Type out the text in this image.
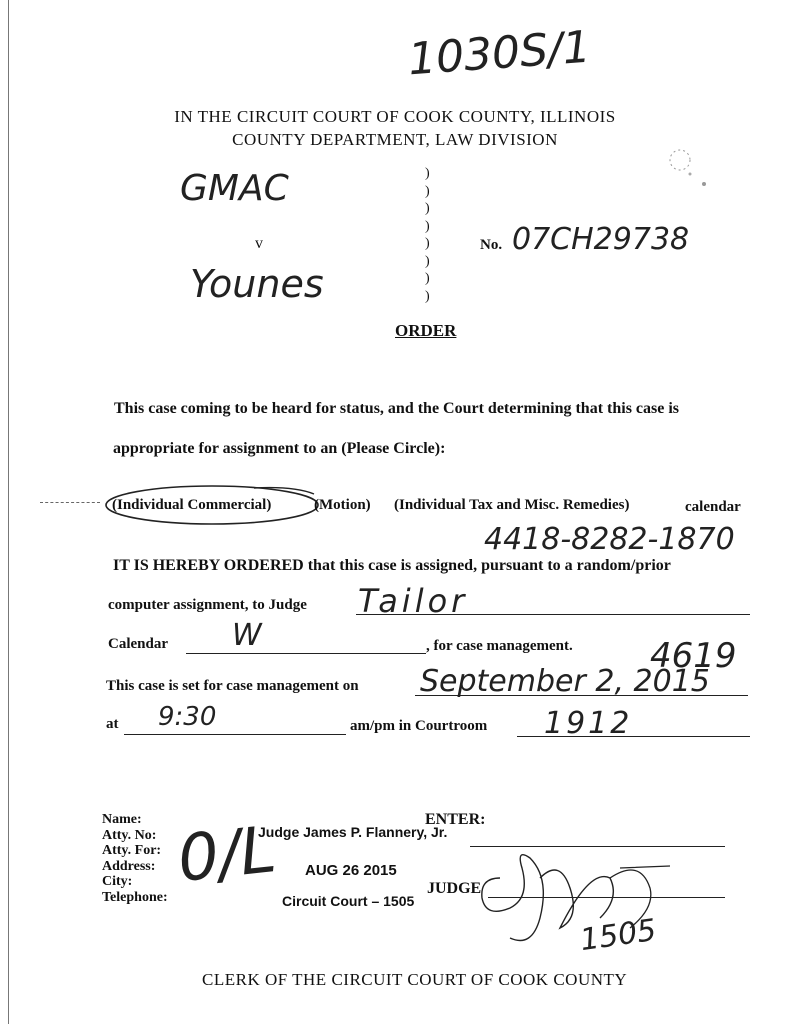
1030S/1
IN THE CIRCUIT COURT OF COOK COUNTY, ILLINOIS
COUNTY DEPARTMENT, LAW DIVISION
GMAC
v
Younes
)
)
)
)
)
)
)
)
No. 07CH29738
ORDER
This case coming to be heard for status, and the Court determining that this case is
appropriate for assignment to an (Please Circle):
(Individual Commercial)	(Motion) (Individual Tax and Misc. Remedies)	calendar
4418-8282-1870
IT IS HEREBY ORDERED that this case is assigned, pursuant to a random/prior
computer assignment, to Judge Tailor
Calendar W	, for case management. 4619
This case is set for case management on September 2, 2015
at 9:30	am/pm in Courtroom 1912
Name:
Atty. No:
Atty. For:
Address:
City:
Telephone:
0/L	ENTER:
Judge James P. Flannery, Jr.
AUG 26 2015
Circuit Court – 1505
JUDGE
1505
CLERK OF THE CIRCUIT COURT OF COOK COUNTY
